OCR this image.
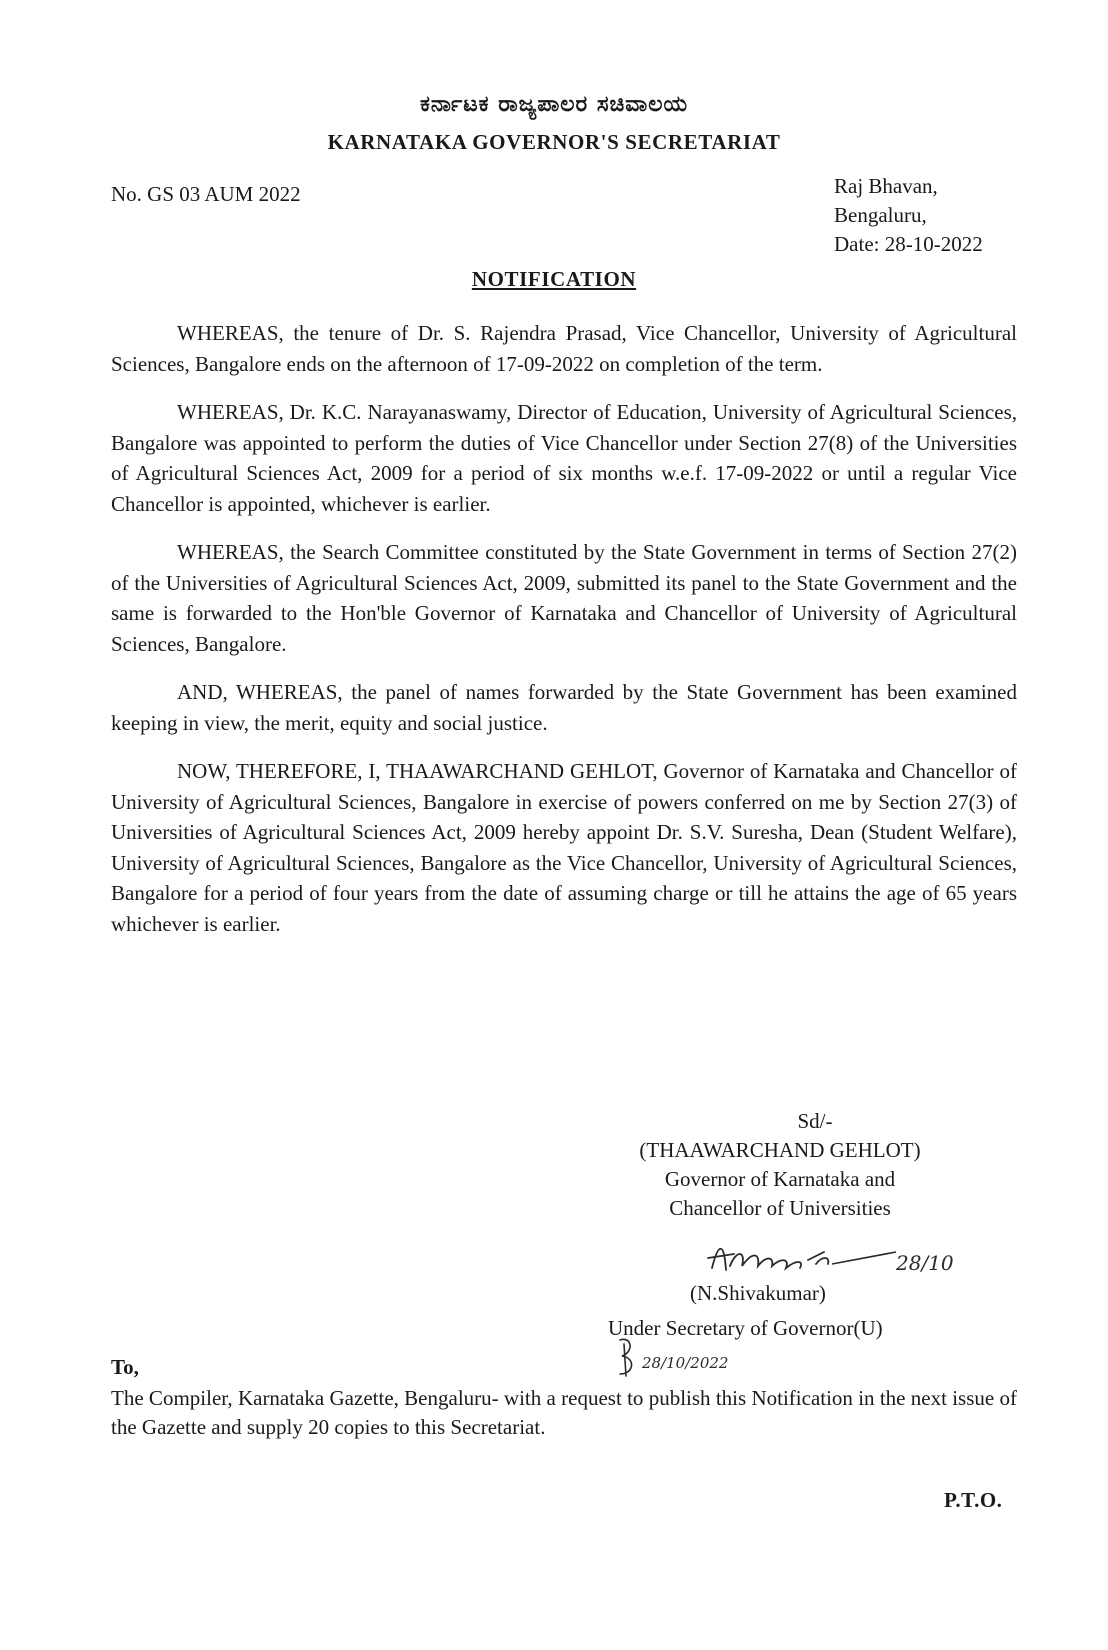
ಕರ್ನಾಟಕ ರಾಜ್ಯಪಾಲರ ಸಚಿವಾಲಯ
KARNATAKA GOVERNOR'S SECRETARIAT
No. GS 03 AUM 2022	Raj Bhavan,
Bengaluru,
Date: 28-10-2022
NOTIFICATION

WHEREAS, the tenure of Dr. S. Rajendra Prasad, Vice Chancellor, University of Agricultural Sciences, Bangalore ends on the afternoon of 17-09-2022 on completion of the term.

WHEREAS, Dr. K.C. Narayanaswamy, Director of Education, University of Agricultural Sciences, Bangalore was appointed to perform the duties of Vice Chancellor under Section 27(8) of the Universities of Agricultural Sciences Act, 2009 for a period of six months w.e.f. 17-09-2022 or until a regular Vice Chancellor is appointed, whichever is earlier.

WHEREAS, the Search Committee constituted by the State Government in terms of Section 27(2) of the Universities of Agricultural Sciences Act, 2009, submitted its panel to the State Government and the same is forwarded to the Hon'ble Governor of Karnataka and Chancellor of University of Agricultural Sciences, Bangalore.

AND, WHEREAS, the panel of names forwarded by the State Government has been examined keeping in view, the merit, equity and social justice.

NOW, THEREFORE, I, THAAWARCHAND GEHLOT, Governor of Karnataka and Chancellor of University of Agricultural Sciences, Bangalore in exercise of powers conferred on me by Section 27(3) of Universities of Agricultural Sciences Act, 2009 hereby appoint Dr. S.V. Suresha, Dean (Student Welfare), University of Agricultural Sciences, Bangalore as the Vice Chancellor, University of Agricultural Sciences, Bangalore for a period of four years from the date of assuming charge or till he attains the age of 65 years whichever is earlier.

Sd/-
(THAAWARCHAND GEHLOT)
Governor of Karnataka and
Chancellor of Universities
28/10
(N.Shivakumar)
Under Secretary of Governor(U)
28/10/2022
To,
The Compiler, Karnataka Gazette, Bengaluru- with a request to publish this Notification in the next issue of the Gazette and supply 20 copies to this Secretariat.
P.T.O.
